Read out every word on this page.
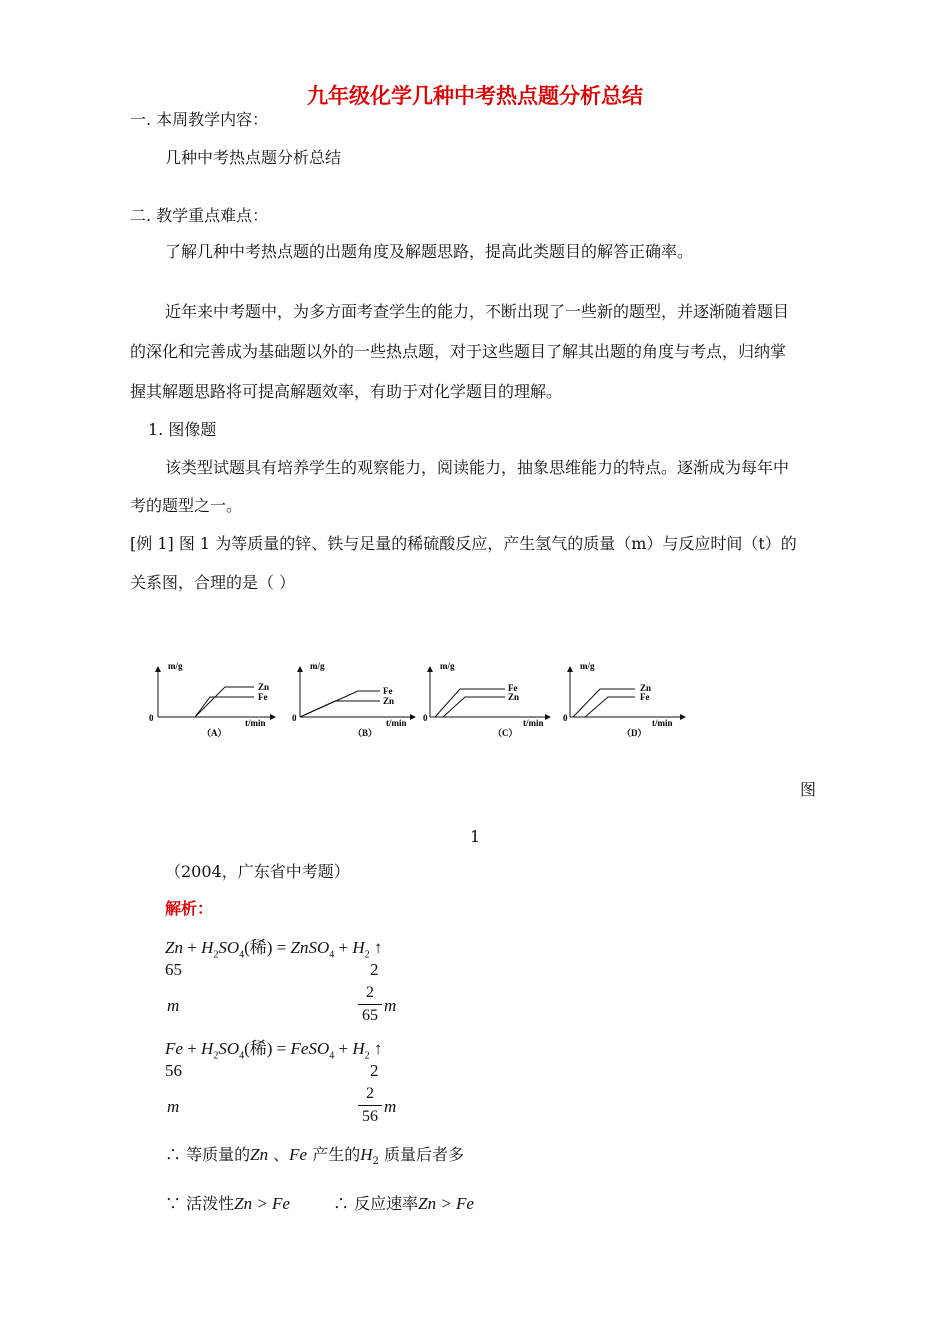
九年级化学几种中考热点题分析总结
一. 本周教学内容：
几种中考热点题分析总结
二. 教学重点难点：
了解几种中考热点题的出题角度及解题思路，提高此类题目的解答正确率。
近年来中考题中，为多方面考查学生的能力，不断出现了一些新的题型，并逐渐随着题目
的深化和完善成为基础题以外的一些热点题，对于这些题目了解其出题的角度与考点，归纳掌
握其解题思路将可提高解题效率，有助于对化学题目的理解。
1. 图像题
该类型试题具有培养学生的观察能力，阅读能力，抽象思维能力的特点。逐渐成为每年中
考的题型之一。
[例 1] 图 1 为等质量的锌、铁与足量的稀硫酸反应，产生氢气的质量（m）与反应时间（t）的
关系图，合理的是（ ）
m/g
0	t/min
Zn
Fe
（A）
m/g
0	t/min
Fe
Zn
（B）
m/g
0	t/min
Fe
Zn
（C）
m/g
0	t/min
Zn
Fe
（D）
图
1
（2004，广东省中考题）
解析：
$Zn + H_2SO_4$(稀) = ZnSO$_4$ + $H_2$ ↑
65	2
m
2
65
m
$Fe + H_2SO_4$(稀) = FeSO$_4$ + $H_2$ ↑
56	2
m
2
56
m
∴ 等质量的Zn 、Fe 产生的$H_2$ 质量后者多
∵ 活泼性Zn > Fe	∴ 反应速率Zn > Fe
